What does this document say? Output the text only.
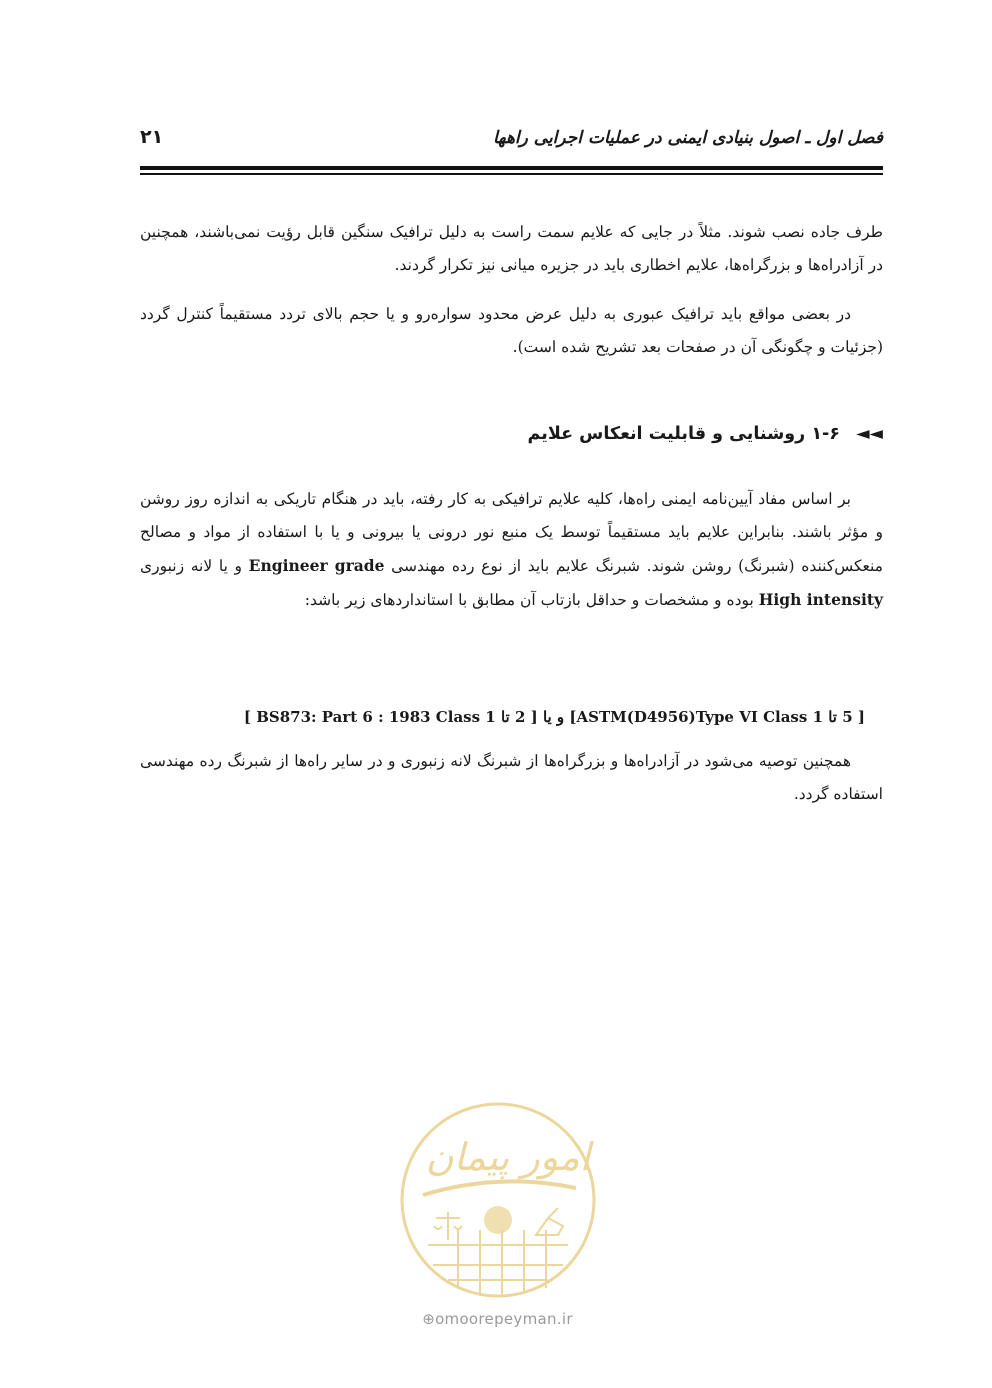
فصل اول ـ اصول بنیادی ایمنی در عملیات اجرایی راهها
۲۱

طرف جاده نصب شوند. مثلاً در جایی که علایم سمت راست به دلیل ترافیک سنگین قابل رؤیت نمی‌باشند، همچنین در آزادراه‌ها و بزرگراه‌ها، علایم اخطاری باید در جزیره میانی نیز تکرار گردند.

در بعضی مواقع باید ترافیک عبوری به دلیل عرض محدود سواره‌رو و یا حجم بالای تردد مستقیماً کنترل گردد (جزئیات و چگونگی آن در صفحات بعد تشریح شده است).

◄◄ ۱-۶ روشنایی و قابلیت انعکاس علایم

بر اساس مفاد آیین‌نامه ایمنی راه‌ها، کلیه علایم ترافیکی به کار رفته، باید در هنگام تاریکی به اندازه روز روشن و مؤثر باشند. بنابراین علایم باید مستقیماً توسط یک منبع نور درونی یا بیرونی و یا با استفاده از مواد و مصالح منعکس‌کننده (شبرنگ) روشن شوند. شبرنگ علایم باید از نوع رده مهندسی Engineer grade و یا لانه زنبوری High intensity بوده و مشخصات و حداقل بازتاب آن مطابق با استانداردهای زیر باشد:

[ 5 تا 1 ASTM(D4956)Type VI Class] و یا [ 2 تا 1 BS873: Part 6 : 1983 Class ]

همچنین توصیه می‌شود در آزادراه‌ها و بزرگراه‌ها از شبرنگ لانه زنبوری و در سایر راه‌ها از شبرنگ رده مهندسی استفاده گردد.

امور پیمان
⊕omoorepeyman.ir
